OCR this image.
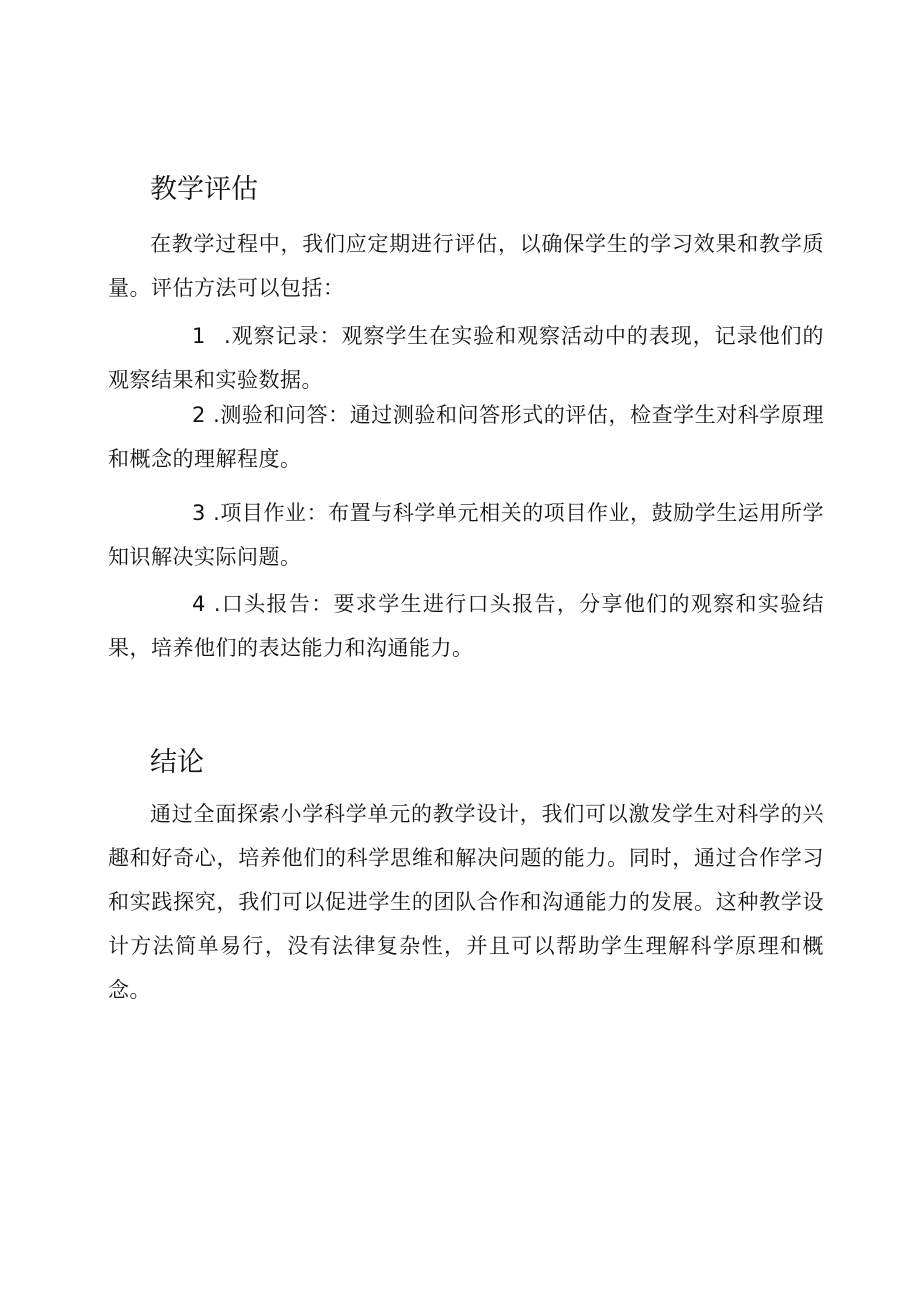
教学评估

在教学过程中，我们应定期进行评估，以确保学生的学习效果和教学质量。评估方法可以包括：

1 .观察记录：观察学生在实验和观察活动中的表现，记录他们的观察结果和实验数据。

2 .测验和问答：通过测验和问答形式的评估，检查学生对科学原理和概念的理解程度。

3 .项目作业：布置与科学单元相关的项目作业，鼓励学生运用所学知识解决实际问题。

4 .口头报告：要求学生进行口头报告，分享他们的观察和实验结果，培养他们的表达能力和沟通能力。

结论

通过全面探索小学科学单元的教学设计，我们可以激发学生对科学的兴趣和好奇心，培养他们的科学思维和解决问题的能力。同时，通过合作学习和实践探究，我们可以促进学生的团队合作和沟通能力的发展。这种教学设计方法简单易行，没有法律复杂性，并且可以帮助学生理解科学原理和概念。
